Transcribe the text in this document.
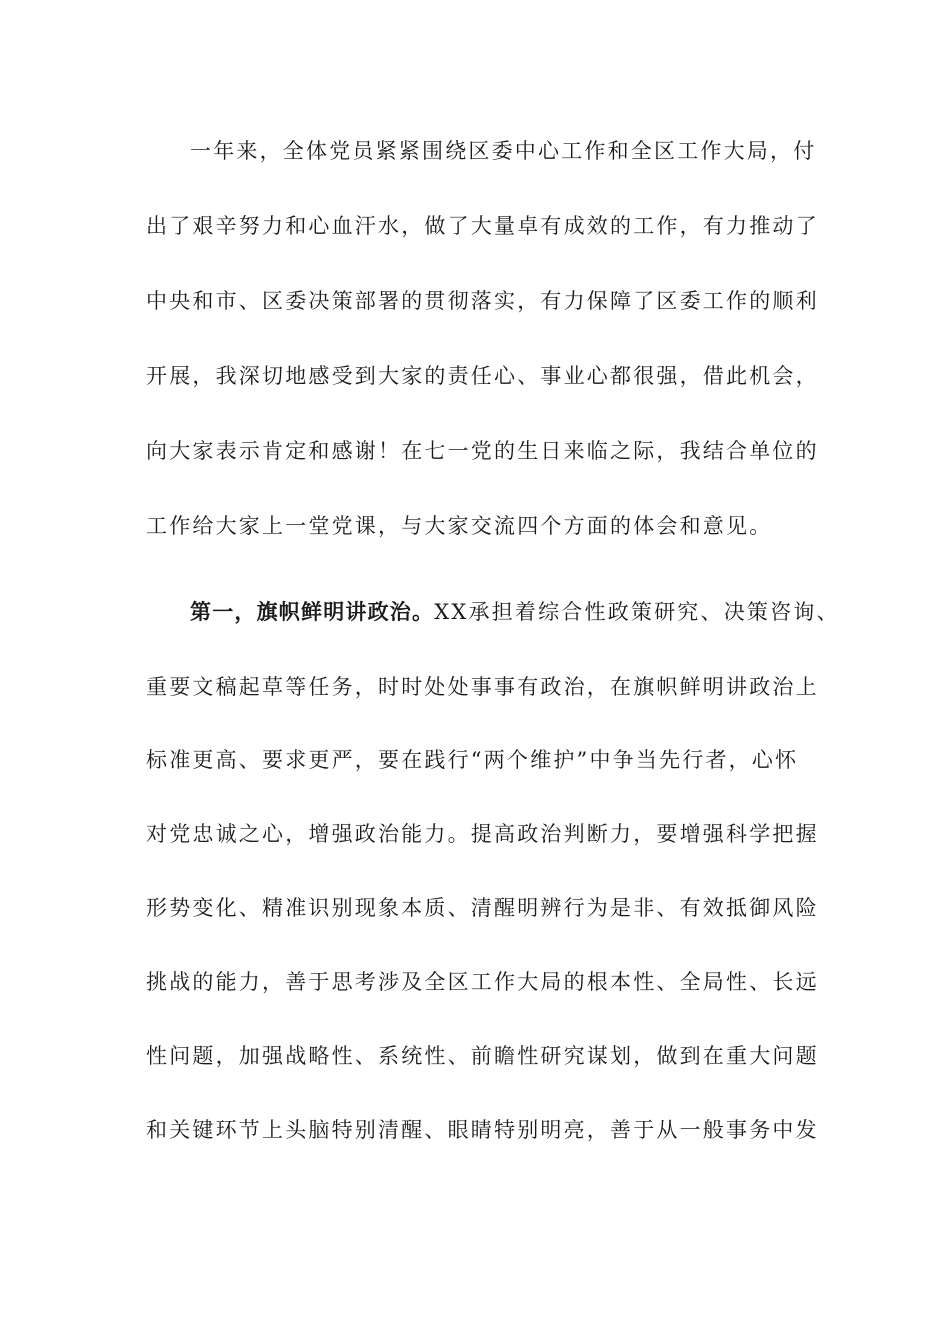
一年来，全体党员紧紧围绕区委中心工作和全区工作大局，付

出了艰辛努力和心血汗水，做了大量卓有成效的工作，有力推动了

中央和市、区委决策部署的贯彻落实，有力保障了区委工作的顺利

开展，我深切地感受到大家的责任心、事业心都很强，借此机会，

向大家表示肯定和感谢！在七一党的生日来临之际，我结合单位的

工作给大家上一堂党课，与大家交流四个方面的体会和意见。

第一，旗帜鲜明讲政治。XX承担着综合性政策研究、决策咨询、

重要文稿起草等任务，时时处处事事有政治，在旗帜鲜明讲政治上

标准更高、要求更严，要在践行“两个维护”中争当先行者，心怀

对党忠诚之心，增强政治能力。提高政治判断力，要增强科学把握

形势变化、精准识别现象本质、清醒明辨行为是非、有效抵御风险

挑战的能力，善于思考涉及全区工作大局的根本性、全局性、长远

性问题，加强战略性、系统性、前瞻性研究谋划，做到在重大问题

和关键环节上头脑特别清醒、眼睛特别明亮，善于从一般事务中发
